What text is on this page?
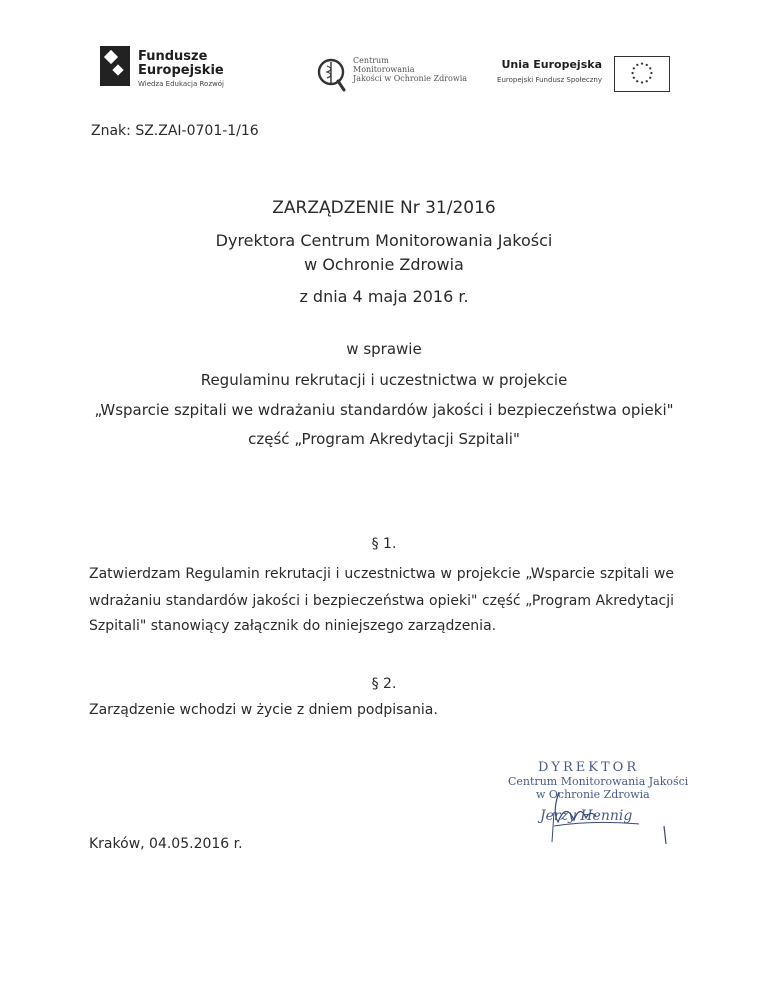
Fundusze
Europejskie
Wiedza Edukacja Rozwój
Centrum
Monitorowania
Jakości w Ochronie Zdrowia
Unia Europejska
Europejski Fundusz Społeczny
Znak: SZ.ZAI-0701-1/16
ZARZĄDZENIE Nr 31/2016
Dyrektora Centrum Monitorowania Jakości
w Ochronie Zdrowia
z dnia 4 maja 2016 r.
w sprawie
Regulaminu rekrutacji i uczestnictwa w projekcie
„Wsparcie szpitali we wdrażaniu standardów jakości i bezpieczeństwa opieki"
część „Program Akredytacji Szpitali"
§ 1.
Zatwierdzam Regulamin rekrutacji i uczestnictwa w projekcie „Wsparcie szpitali we
wdrażaniu standardów jakości i bezpieczeństwa opieki" część „Program Akredytacji
Szpitali" stanowiący załącznik do niniejszego zarządzenia.
§ 2.
Zarządzenie wchodzi w życie z dniem podpisania.
Kraków, 04.05.2016 r.
DYREKTOR
Centrum Monitorowania Jakości
w Ochronie Zdrowia
Jerzy Hennig
